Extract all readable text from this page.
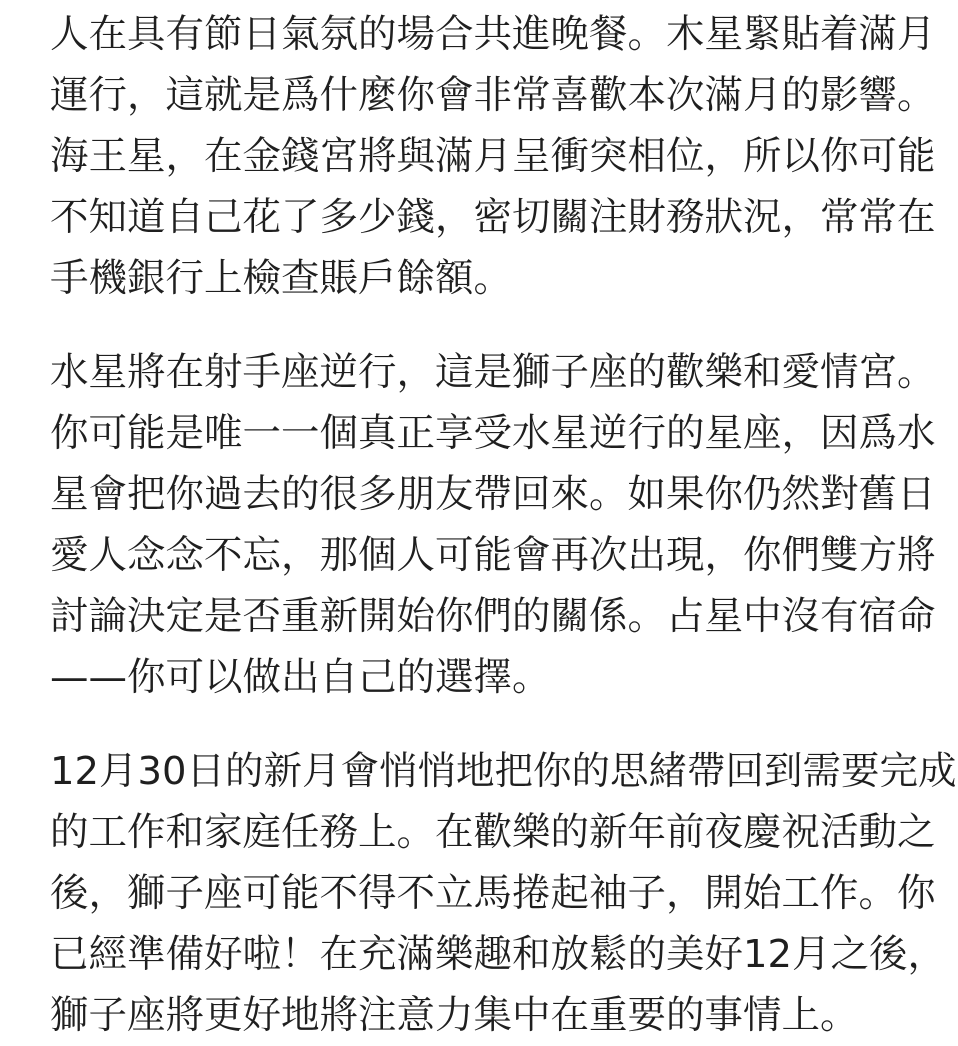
人在具有節日氣氛的場合共進晚餐。木星緊貼着滿月
運行，這就是爲什麼你會非常喜歡本次滿月的影響。
海王星，在金錢宮將與滿月呈衝突相位，所以你可能
不知道自己花了多少錢，密切關注財務狀況，常常在
手機銀行上檢查賬戶餘額。
水星將在射手座逆行，這是獅子座的歡樂和愛情宮。
你可能是唯一一個真正享受水星逆行的星座，因爲水
星會把你過去的很多朋友帶回來。如果你仍然對舊日
愛人念念不忘，那個人可能會再次出現，你們雙方將
討論決定是否重新開始你們的關係。占星中沒有宿命
——你可以做出自己的選擇。
12月30日的新月會悄悄地把你的思緒帶回到需要完成
的工作和家庭任務上。在歡樂的新年前夜慶祝活動之
後，獅子座可能不得不立馬捲起袖子，開始工作。你
已經準備好啦！在充滿樂趣和放鬆的美好12月之後，
獅子座將更好地將注意力集中在重要的事情上。
